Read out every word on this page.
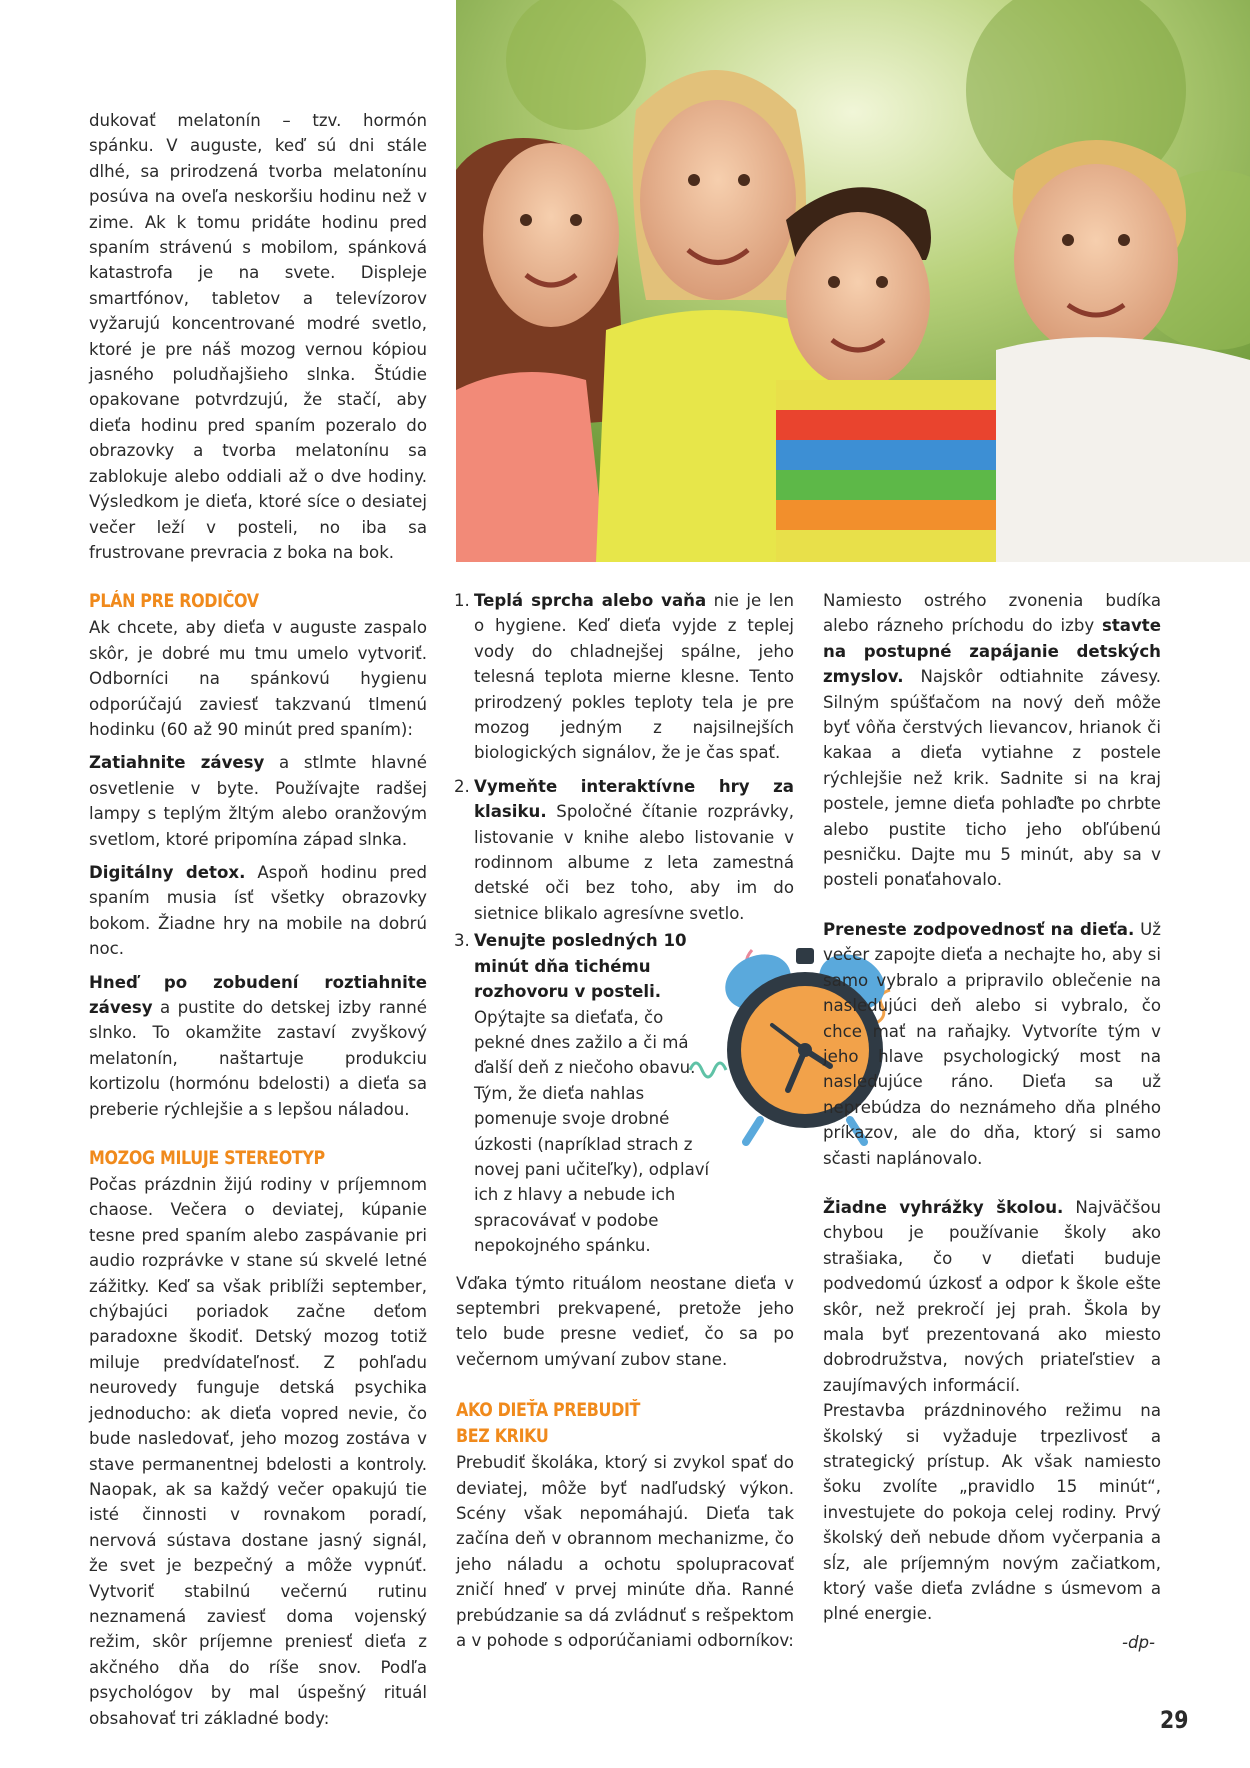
dukovať melatonín – tzv. hormón spánku. V auguste, keď sú dni stále dlhé, sa prirodzená tvorba melatonínu posúva na oveľa neskoršiu hodinu než v zime. Ak k tomu pridáte hodinu pred spaním strávenú s mobilom, spánková katastrofa je na svete. Displeje smartfónov, tabletov a televízorov vyžarujú koncentrované modré svetlo, ktoré je pre náš mozog vernou kópiou jasného poludňajšieho slnka. Štúdie opakovane potvrdzujú, že stačí, aby dieťa hodinu pred spaním pozeralo do obrazovky a tvorba melatonínu sa zablokuje alebo oddiali až o dve hodiny. Výsledkom je dieťa, ktoré síce o desiatej večer leží v posteli, no iba sa frustrovane prevracia z boka na bok.

PLÁN PRE RODIČOV

Ak chcete, aby dieťa v auguste zaspalo skôr, je dobré mu tmu umelo vytvoriť. Odborníci na spánkovú hygienu odporúčajú zaviesť takzvanú tlmenú hodinku (60 až 90 minút pred spaním):

Zatiahnite závesy a stlmte hlavné osvetlenie v byte. Používajte radšej lampy s teplým žltým alebo oranžovým svetlom, ktoré pripomína západ slnka.

Digitálny detox. Aspoň hodinu pred spaním musia ísť všetky obrazovky bokom. Žiadne hry na mobile na dobrú noc.

Hneď po zobudení roztiahnite závesy a pustite do detskej izby ranné slnko. To okamžite zastaví zvyškový melatonín, naštartuje produkciu kortizolu (hormónu bdelosti) a dieťa sa preberie rýchlejšie a s lepšou náladou.

MOZOG MILUJE STEREOTYP

Počas prázdnin žijú rodiny v príjemnom chaose. Večera o deviatej, kúpanie tesne pred spaním alebo zaspávanie pri audio rozprávke v stane sú skvelé letné zážitky. Keď sa však priblíži september, chýbajúci poriadok začne deťom paradoxne škodiť. Detský mozog totiž miluje predvídateľnosť. Z pohľadu neurovedy funguje detská psychika jednoducho: ak dieťa vopred nevie, čo bude nasledovať, jeho mozog zostáva v stave permanentnej bdelosti a kontroly. Naopak, ak sa každý večer opakujú tie isté činnosti v rovnakom poradí, nervová sústava dostane jasný signál, že svet je bezpečný a môže vypnúť. Vytvoriť stabilnú večernú rutinu neznamená zaviesť doma vojenský režim, skôr príjemne preniesť dieťa z akčného dňa do ríše snov. Podľa psychológov by mal úspešný rituál obsahovať tri základné body:

1. Teplá sprcha alebo vaňa nie je len o hygiene. Keď dieťa vyjde z teplej vody do chladnejšej spálne, jeho telesná teplota mierne klesne. Tento prirodzený pokles teploty tela je pre mozog jedným z najsilnejších biologických signálov, že je čas spať.

2. Vymeňte interaktívne hry za klasiku. Spoločné čítanie rozprávky, listovanie v knihe alebo listovanie v rodinnom albume z leta zamestná detské oči bez toho, aby im do sietnice blikalo agresívne svetlo.

3. Venujte posledných 10 minút dňa tichému rozhovoru v posteli. Opýtajte sa dieťaťa, čo pekné dnes zažilo a či má ďalší deň z niečoho obavu. Tým, že dieťa nahlas pomenuje svoje drobné úzkosti (napríklad strach z novej pani učiteľky), odplaví ich z hlavy a nebude ich spracovávať v podobe nepokojného spánku.

Vďaka týmto rituálom neostane dieťa v septembri prekvapené, pretože jeho telo bude presne vedieť, čo sa po večernom umývaní zubov stane.

AKO DIEŤA PREBUDIŤ
BEZ KRIKU

Prebudiť školáka, ktorý si zvykol spať do deviatej, môže byť nadľudský výkon. Scény však nepomáhajú. Dieťa tak začína deň v obrannom mechanizme, čo jeho náladu a ochotu spolupracovať zničí hneď v prvej minúte dňa. Ranné prebúdzanie sa dá zvládnuť s rešpektom a v pohode s odporúčaniami odborníkov:

Namiesto ostrého zvonenia budíka alebo rázneho príchodu do izby stavte na postupné zapájanie detských zmyslov. Najskôr odtiahnite závesy. Silným spúšťačom na nový deň môže byť vôňa čerstvých lievancov, hrianok či kakaa a dieťa vytiahne z postele rýchlejšie než krik. Sadnite si na kraj postele, jemne dieťa pohlaďte po chrbte alebo pustite ticho jeho obľúbenú pesničku. Dajte mu 5 minút, aby sa v posteli ponaťahovalo.

Preneste zodpovednosť na dieťa. Už večer zapojte dieťa a nechajte ho, aby si samo vybralo a pripravilo oblečenie na nasledujúci deň alebo si vybralo, čo chce mať na raňajky. Vytvoríte tým v jeho hlave psychologický most na nasledujúce ráno. Dieťa sa už neprebúdza do neznámeho dňa plného príkazov, ale do dňa, ktorý si samo sčasti naplánovalo.

Žiadne vyhrážky školou. Najväčšou chybou je používanie školy ako strašiaka, čo v dieťati buduje podvedomú úzkosť a odpor k škole ešte skôr, než prekročí jej prah. Škola by mala byť prezentovaná ako miesto dobrodružstva, nových priateľstiev a zaujímavých informácií.

Prestavba prázdninového režimu na školský si vyžaduje trpezlivosť a strategický prístup. Ak však namiesto šoku zvolíte „pravidlo 15 minút“, investujete do pokoja celej rodiny. Prvý školský deň nebude dňom vyčerpania a sĺz, ale príjemným novým začiatkom, ktorý vaše dieťa zvládne s úsmevom a plné energie.

-dp-
29
